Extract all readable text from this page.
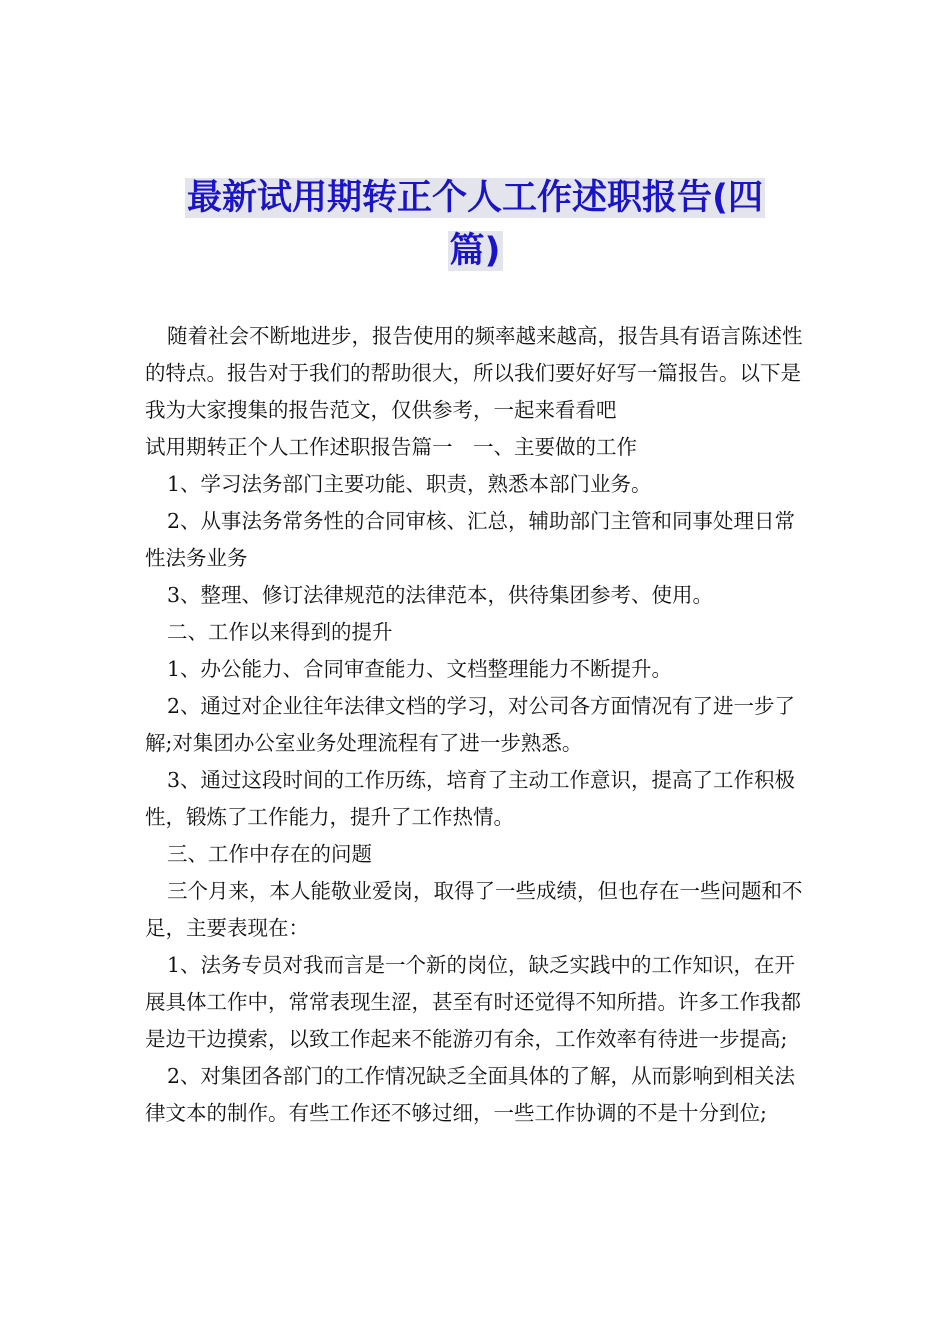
最新试用期转正个人工作述职报告(四
篇)

随着社会不断地进步，报告使用的频率越来越高，报告具有语言陈述性的特点。报告对于我们的帮助很大，所以我们要好好写一篇报告。以下是我为大家搜集的报告范文，仅供参考，一起来看看吧

试用期转正个人工作述职报告篇一　一、主要做的工作

1、学习法务部门主要功能、职责，熟悉本部门业务。

2、从事法务常务性的合同审核、汇总，辅助部门主管和同事处理日常性法务业务

3、整理、修订法律规范的法律范本，供待集团参考、使用。

二、工作以来得到的提升

1、办公能力、合同审查能力、文档整理能力不断提升。

2、通过对企业往年法律文档的学习，对公司各方面情况有了进一步了解;对集团办公室业务处理流程有了进一步熟悉。

3、通过这段时间的工作历练，培育了主动工作意识，提高了工作积极性，锻炼了工作能力，提升了工作热情。

三、工作中存在的问题

三个月来，本人能敬业爱岗，取得了一些成绩，但也存在一些问题和不足，主要表现在：

1、法务专员对我而言是一个新的岗位，缺乏实践中的工作知识，在开展具体工作中，常常表现生涩，甚至有时还觉得不知所措。许多工作我都是边干边摸索，以致工作起来不能游刃有余，工作效率有待进一步提高;

2、对集团各部门的工作情况缺乏全面具体的了解，从而影响到相关法律文本的制作。有些工作还不够过细，一些工作协调的不是十分到位;
